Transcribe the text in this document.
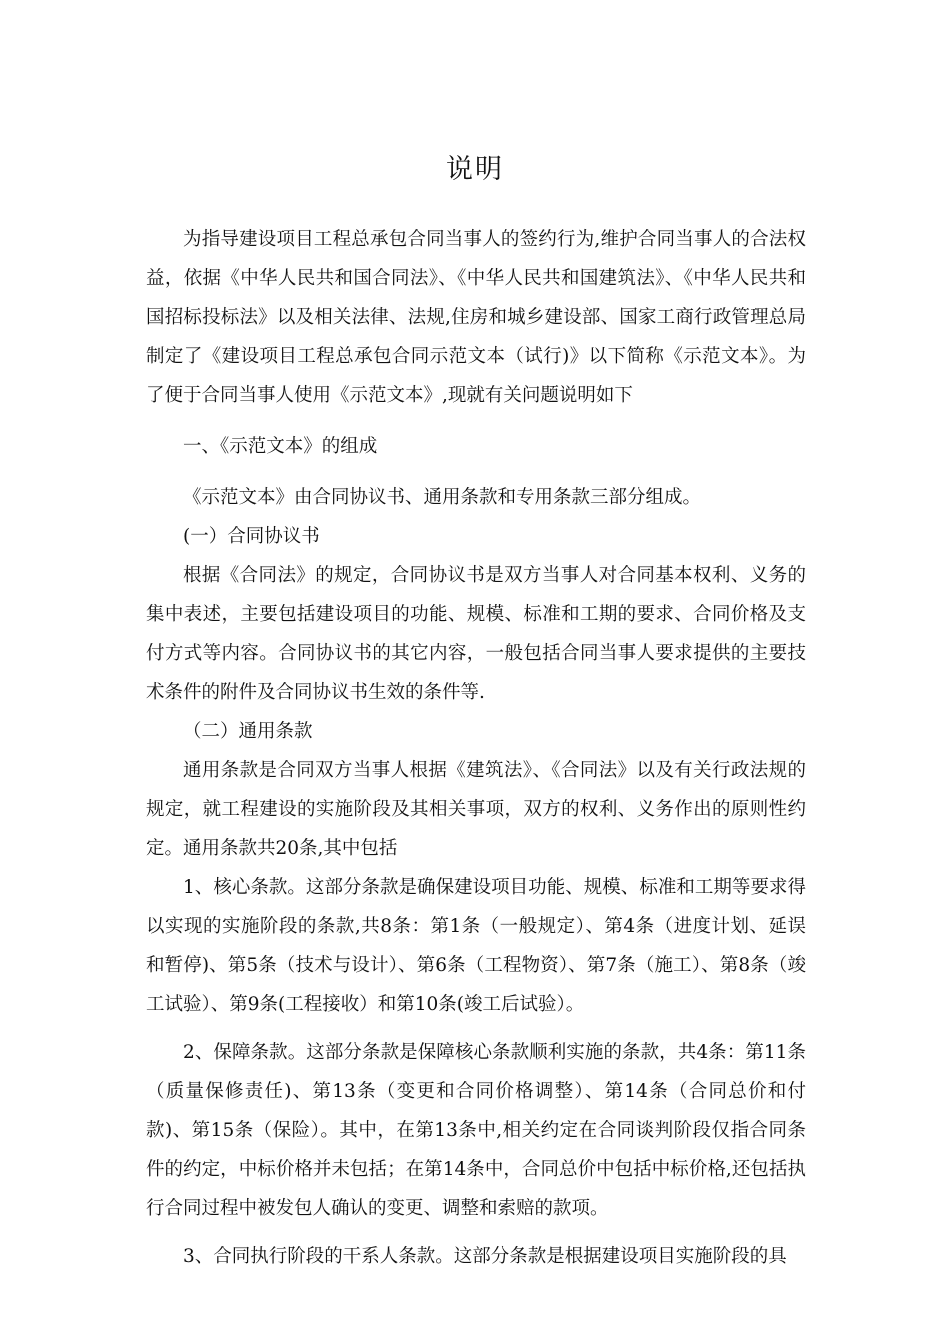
说明

为指导建设项目工程总承包合同当事人的签约行为,维护合同当事人的合法权益，依据《中华人民共和国合同法》、《中华人民共和国建筑法》、《中华人民共和国招标投标法》以及相关法律、法规,住房和城乡建设部、国家工商行政管理总局制定了《建设项目工程总承包合同示范文本（试行)》以下简称《示范文本》。为了便于合同当事人使用《示范文本》,现就有关问题说明如下

一、《示范文本》的组成

《示范文本》由合同协议书、通用条款和专用条款三部分组成。

(一）合同协议书

根据《合同法》的规定，合同协议书是双方当事人对合同基本权利、义务的集中表述，主要包括建设项目的功能、规模、标准和工期的要求、合同价格及支付方式等内容。合同协议书的其它内容，一般包括合同当事人要求提供的主要技术条件的附件及合同协议书生效的条件等.

（二）通用条款

通用条款是合同双方当事人根据《建筑法》、《合同法》以及有关行政法规的规定，就工程建设的实施阶段及其相关事项，双方的权利、义务作出的原则性约定。通用条款共20条,其中包括

1、核心条款。这部分条款是确保建设项目功能、规模、标准和工期等要求得以实现的实施阶段的条款,共8条：第1条（一般规定）、第4条（进度计划、延误和暂停)、第5条（技术与设计）、第6条（工程物资）、第7条（施工）、第8条（竣工试验）、第9条(工程接收）和第10条(竣工后试验）。

2、保障条款。这部分条款是保障核心条款顺利实施的条款，共4条：第11条（质量保修责任)、第13条（变更和合同价格调整）、第14条（合同总价和付款)、第15条（保险）。其中，在第13条中,相关约定在合同谈判阶段仅指合同条件的约定，中标价格并未包括；在第14条中，合同总价中包括中标价格,还包括执行合同过程中被发包人确认的变更、调整和索赔的款项。

3、合同执行阶段的干系人条款。这部分条款是根据建设项目实施阶段的具
